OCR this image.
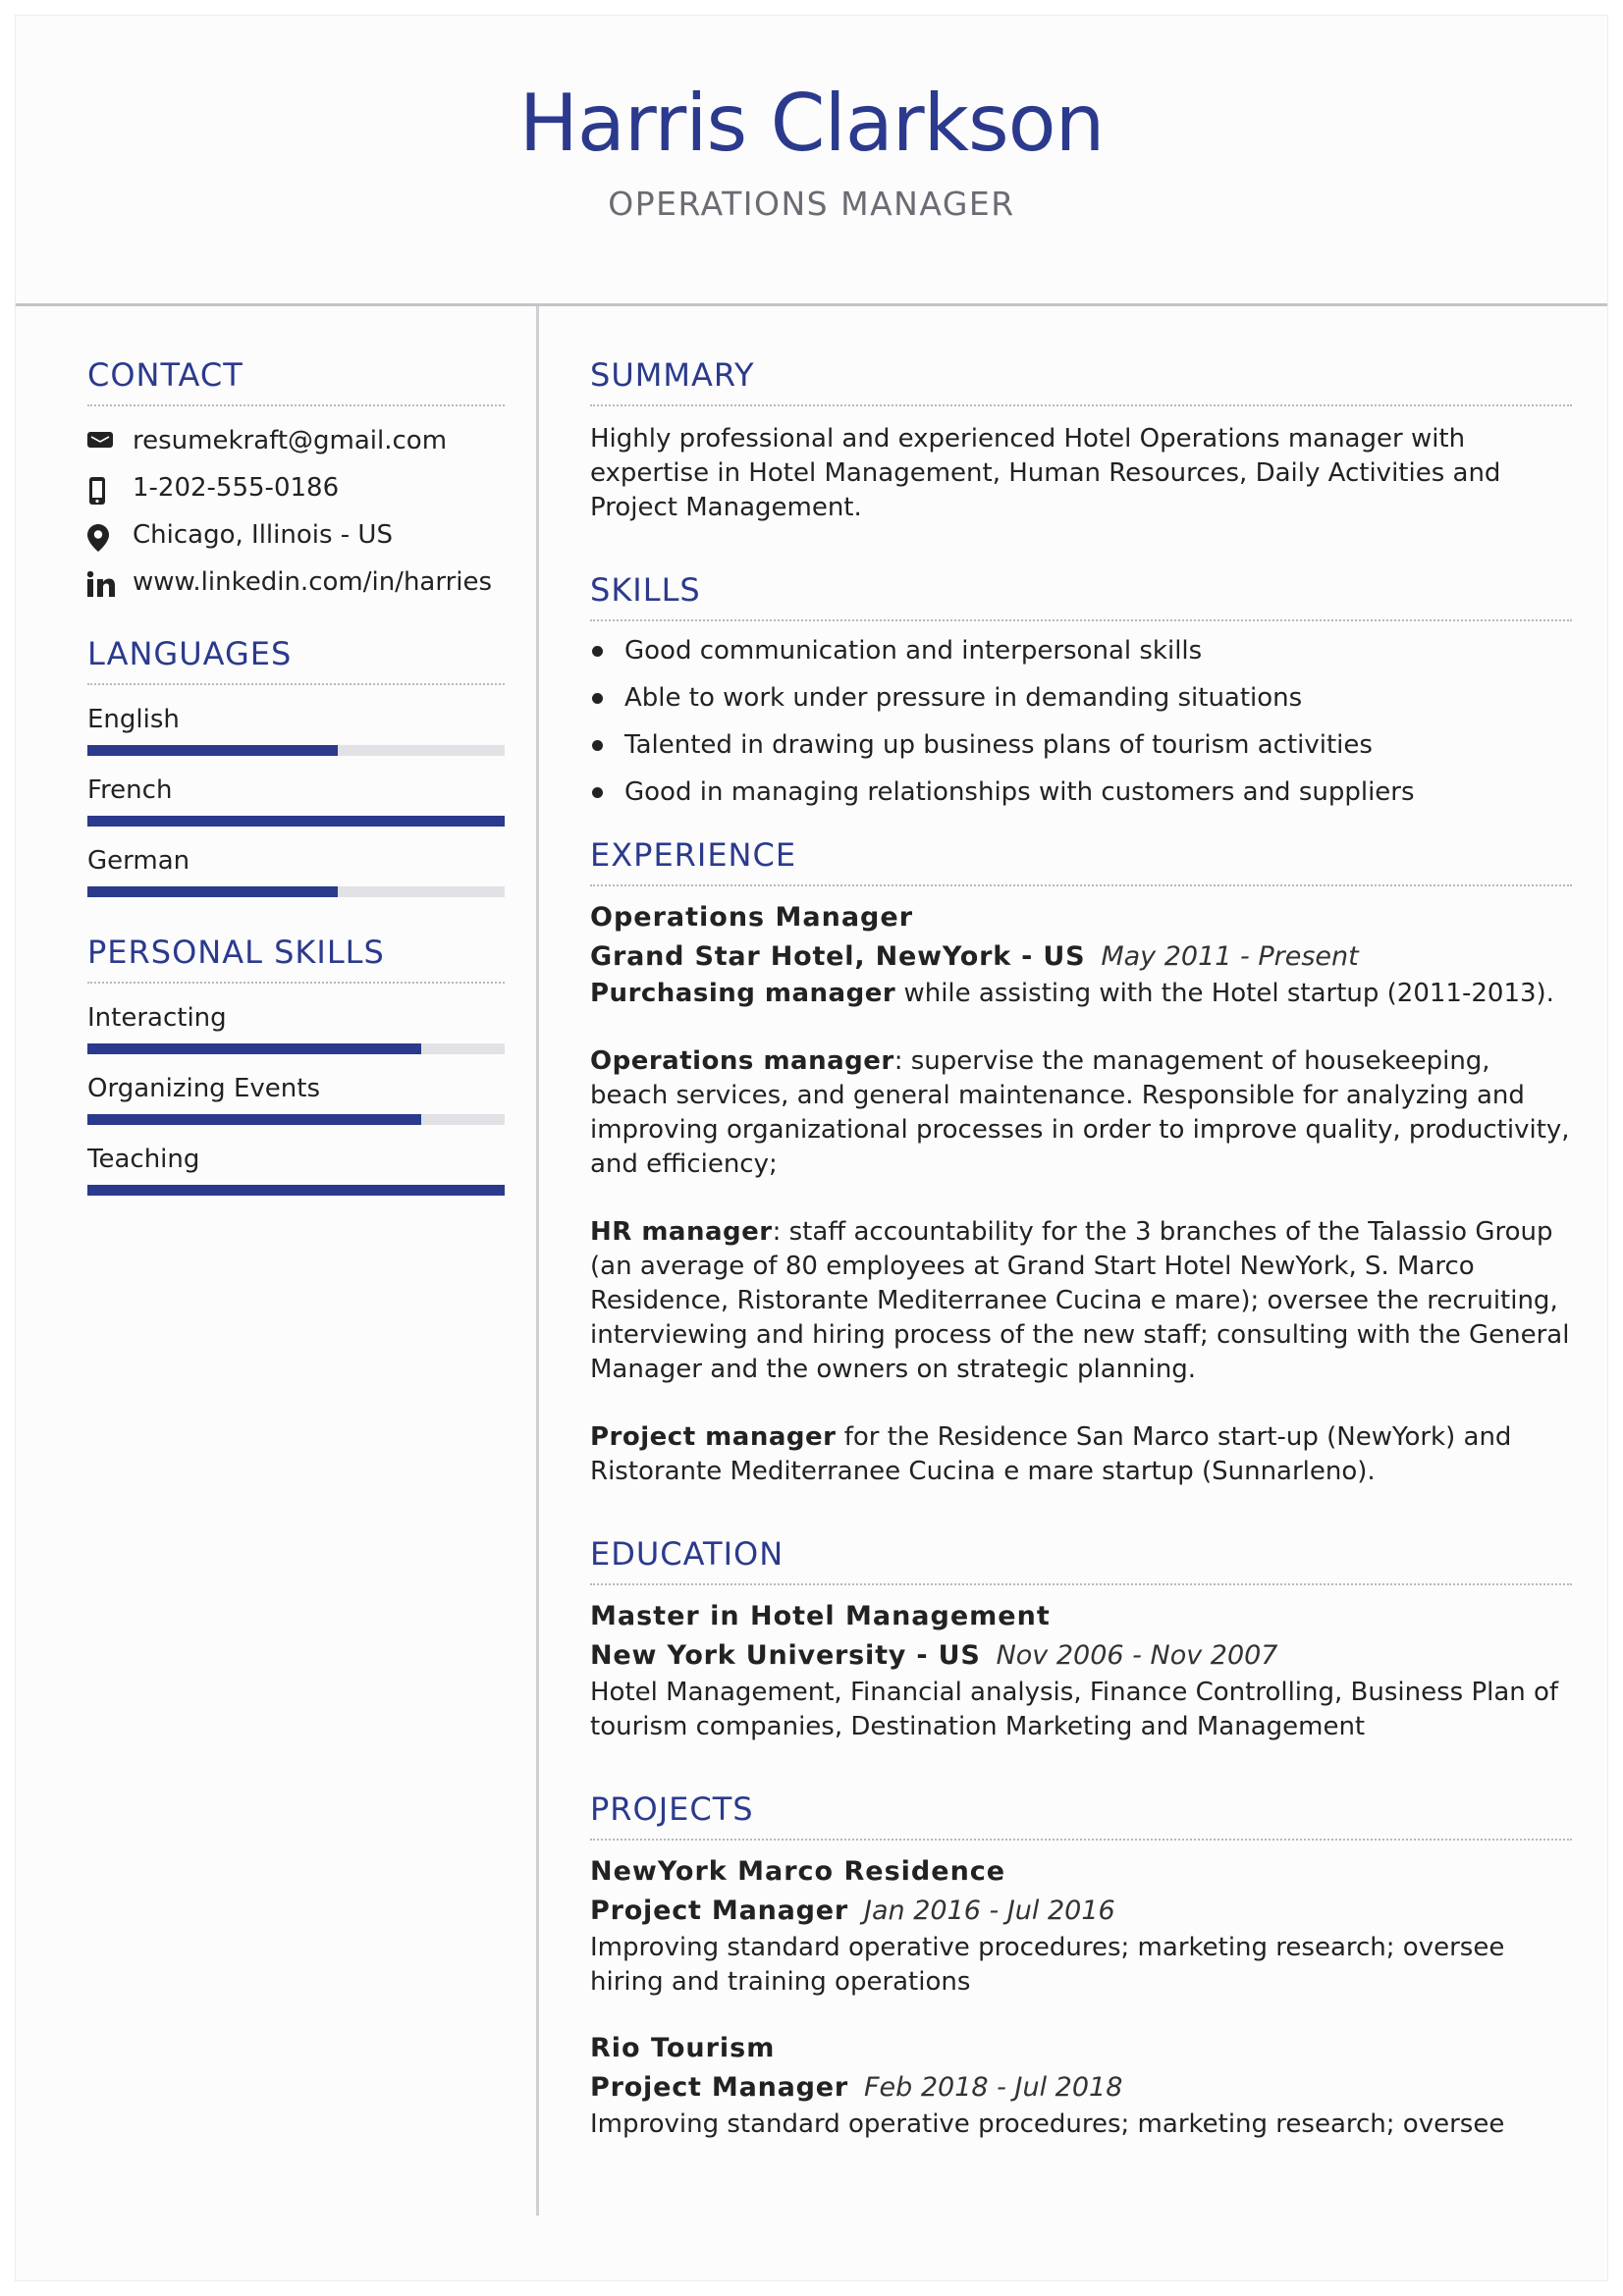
Harris Clarkson
OPERATIONS MANAGER
CONTACT
resumekraft@gmail.com
1-202-555-0186
Chicago, Illinois - US
www.linkedin.com/in/harries
LANGUAGES
English
French
German
PERSONAL SKILLS
Interacting
Organizing Events
Teaching
SUMMARY
Highly professional and experienced Hotel Operations manager with expertise in Hotel Management, Human Resources, Daily Activities and Project Management.
SKILLS
Good communication and interpersonal skills
Able to work under pressure in demanding situations
Talented in drawing up business plans of tourism activities
Good in managing relationships with customers and suppliers
EXPERIENCE
Operations Manager
Grand Star Hotel, NewYork - US May 2011 - Present
Purchasing manager while assisting with the Hotel startup (2011-2013).
Operations manager: supervise the management of housekeeping, beach services, and general maintenance. Responsible for analyzing and improving organizational processes in order to improve quality, productivity, and efficiency;
HR manager: staff accountability for the 3 branches of the Talassio Group (an average of 80 employees at Grand Start Hotel NewYork, S. Marco Residence, Ristorante Mediterranee Cucina e mare); oversee the recruiting, interviewing and hiring process of the new staff; consulting with the General Manager and the owners on strategic planning.
Project manager for the Residence San Marco start-up (NewYork) and Ristorante Mediterranee Cucina e mare startup (Sunnarleno).
EDUCATION
Master in Hotel Management
New York University - US Nov 2006 - Nov 2007
Hotel Management, Financial analysis, Finance Controlling, Business Plan of tourism companies, Destination Marketing and Management
PROJECTS
NewYork Marco Residence
Project Manager Jan 2016 - Jul 2016
Improving standard operative procedures; marketing research; oversee hiring and training operations
Rio Tourism
Project Manager Feb 2018 - Jul 2018
Improving standard operative procedures; marketing research; oversee
